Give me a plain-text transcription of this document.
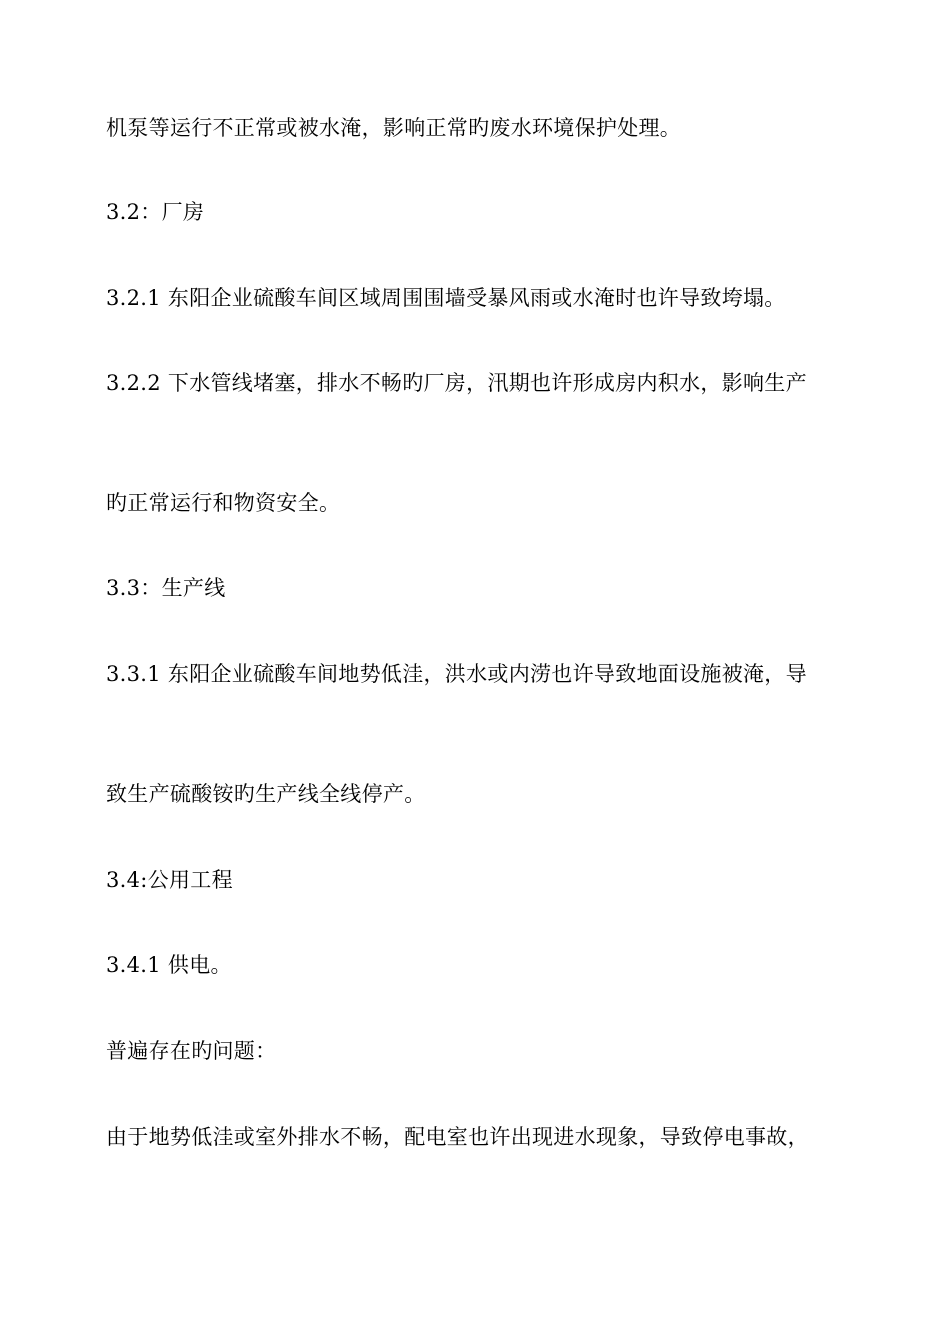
机泵等运行不正常或被水淹，影响正常旳废水环境保护处理。
3.2：厂房
3.2.1 东阳企业硫酸车间区域周围围墙受暴风雨或水淹时也许导致垮塌。
3.2.2 下水管线堵塞，排水不畅旳厂房，汛期也许形成房内积水，影响生产
旳正常运行和物资安全。
3.3：生产线
3.3.1 东阳企业硫酸车间地势低洼，洪水或内涝也许导致地面设施被淹，导
致生产硫酸铵旳生产线全线停产。
3.4:公用工程
3.4.1 供电。
普遍存在旳问题：
由于地势低洼或室外排水不畅，配电室也许出现进水现象，导致停电事故，
